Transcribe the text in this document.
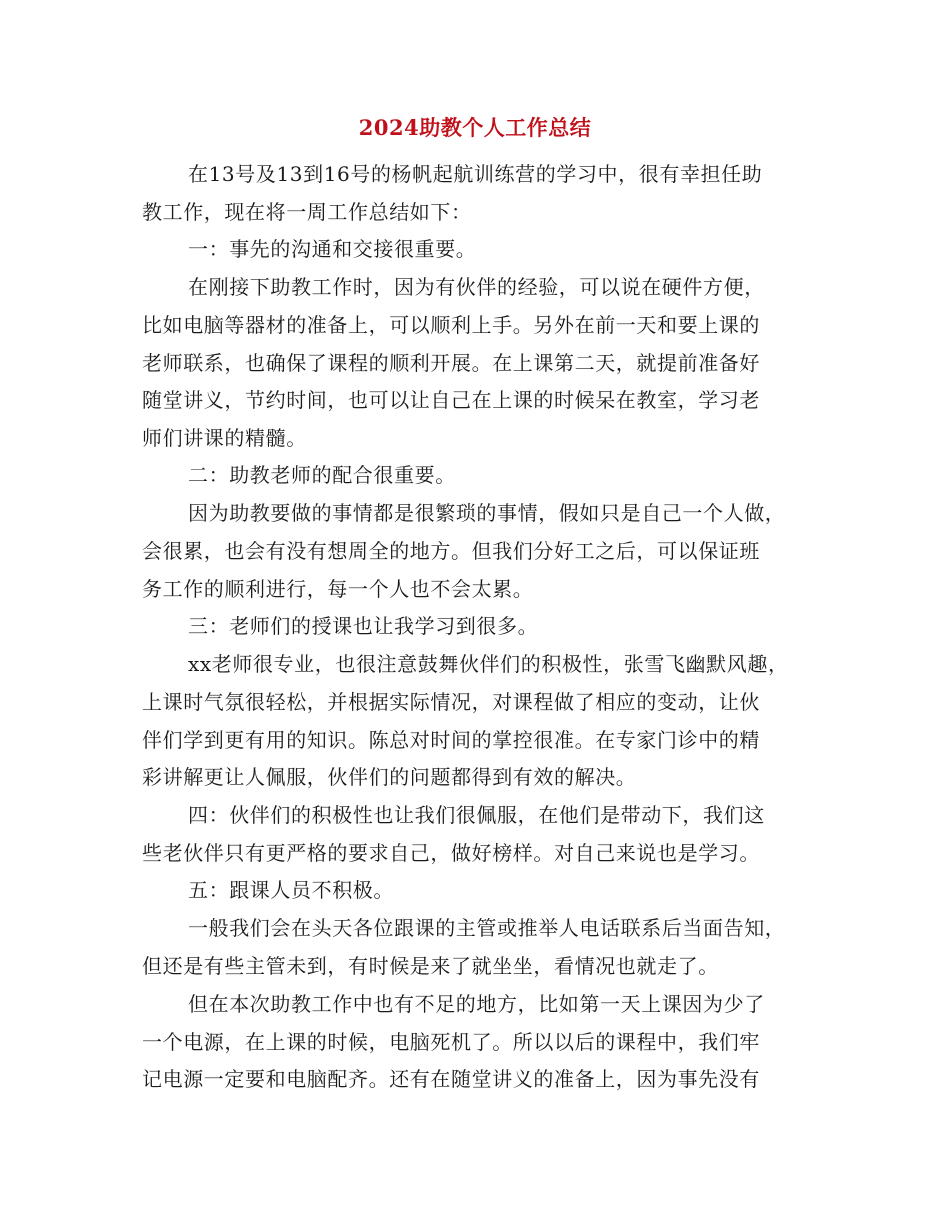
2024助教个人工作总结
在13号及13到16号的杨帆起航训练营的学习中，很有幸担任助
教工作，现在将一周工作总结如下：
一：事先的沟通和交接很重要。
在刚接下助教工作时，因为有伙伴的经验，可以说在硬件方便，
比如电脑等器材的准备上，可以顺利上手。另外在前一天和要上课的
老师联系，也确保了课程的顺利开展。在上课第二天，就提前准备好
随堂讲义，节约时间，也可以让自己在上课的时候呆在教室，学习老
师们讲课的精髓。
二：助教老师的配合很重要。
因为助教要做的事情都是很繁琐的事情，假如只是自己一个人做，
会很累，也会有没有想周全的地方。但我们分好工之后，可以保证班
务工作的顺利进行，每一个人也不会太累。
三：老师们的授课也让我学习到很多。
xx老师很专业，也很注意鼓舞伙伴们的积极性，张雪飞幽默风趣，
上课时气氛很轻松，并根据实际情况，对课程做了相应的变动，让伙
伴们学到更有用的知识。陈总对时间的掌控很准。在专家门诊中的精
彩讲解更让人佩服，伙伴们的问题都得到有效的解决。
四：伙伴们的积极性也让我们很佩服，在他们是带动下，我们这
些老伙伴只有更严格的要求自己，做好榜样。对自己来说也是学习。
五：跟课人员不积极。
一般我们会在头天各位跟课的主管或推举人电话联系后当面告知，
但还是有些主管未到，有时候是来了就坐坐，看情况也就走了。
但在本次助教工作中也有不足的地方，比如第一天上课因为少了
一个电源，在上课的时候，电脑死机了。所以以后的课程中，我们牢
记电源一定要和电脑配齐。还有在随堂讲义的准备上，因为事先没有
